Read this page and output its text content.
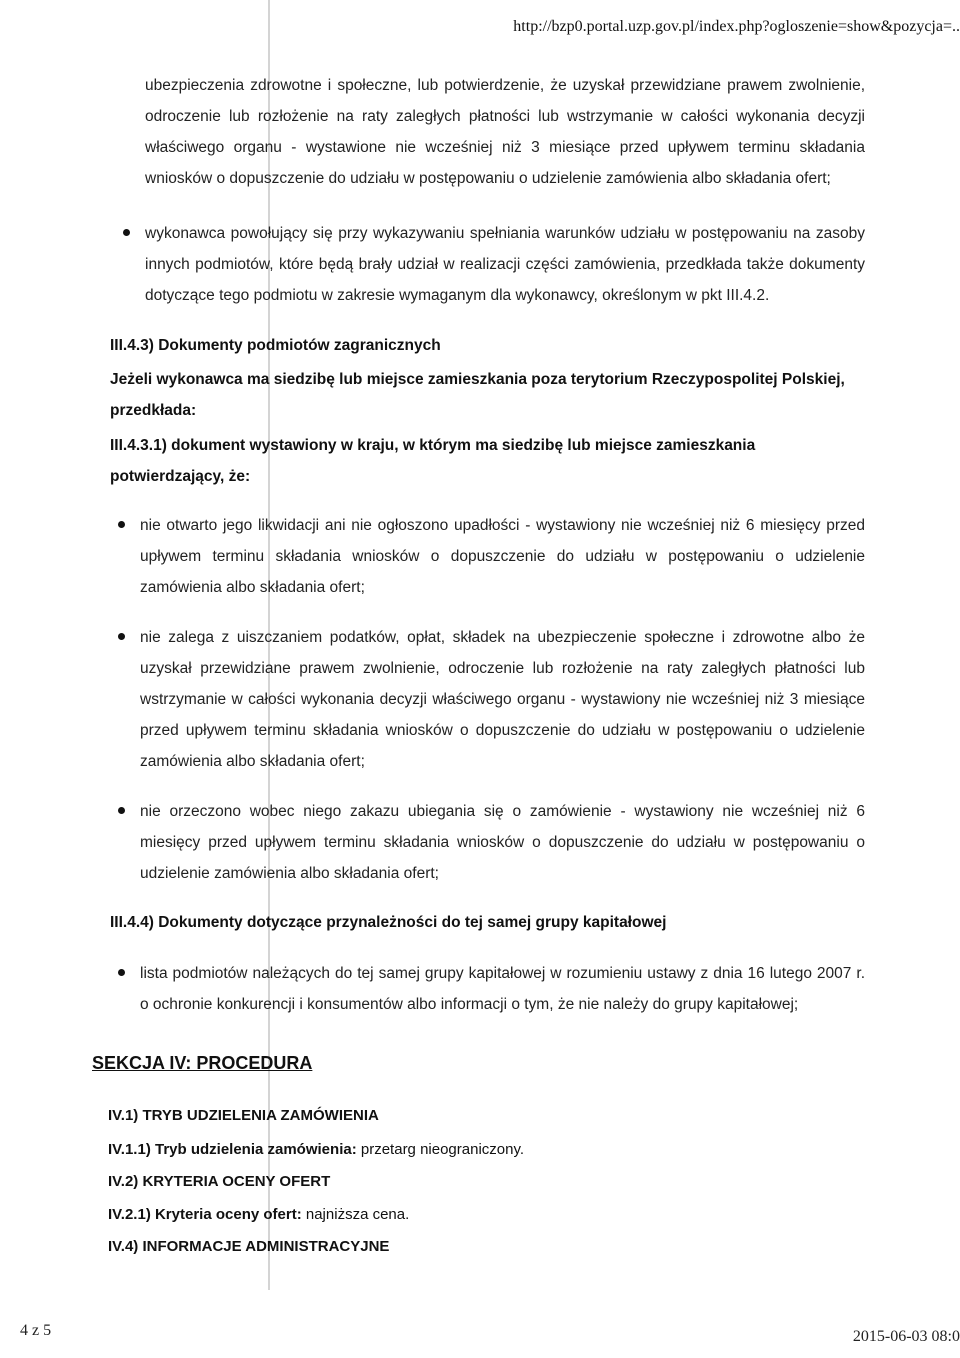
http://bzp0.portal.uzp.gov.pl/index.php?ogloszenie=show&pozycja=..
ubezpieczenia zdrowotne i społeczne, lub potwierdzenie, że uzyskał przewidziane prawem zwolnienie, odroczenie lub rozłożenie na raty zaległych płatności lub wstrzymanie w całości wykonania decyzji właściwego organu - wystawione nie wcześniej niż 3 miesiące przed upływem terminu składania wniosków o dopuszczenie do udziału w postępowaniu o udzielenie zamówienia albo składania ofert;
wykonawca powołujący się przy wykazywaniu spełniania warunków udziału w postępowaniu na zasoby innych podmiotów, które będą brały udział w realizacji części zamówienia, przedkłada także dokumenty dotyczące tego podmiotu w zakresie wymaganym dla wykonawcy, określonym w pkt III.4.2.
III.4.3) Dokumenty podmiotów zagranicznych
Jeżeli wykonawca ma siedzibę lub miejsce zamieszkania poza terytorium Rzeczypospolitej Polskiej, przedkłada:
III.4.3.1) dokument wystawiony w kraju, w którym ma siedzibę lub miejsce zamieszkania potwierdzający, że:
nie otwarto jego likwidacji ani nie ogłoszono upadłości - wystawiony nie wcześniej niż 6 miesięcy przed upływem terminu składania wniosków o dopuszczenie do udziału w postępowaniu o udzielenie zamówienia albo składania ofert;
nie zalega z uiszczaniem podatków, opłat, składek na ubezpieczenie społeczne i zdrowotne albo że uzyskał przewidziane prawem zwolnienie, odroczenie lub rozłożenie na raty zaległych płatności lub wstrzymanie w całości wykonania decyzji właściwego organu - wystawiony nie wcześniej niż 3 miesiące przed upływem terminu składania wniosków o dopuszczenie do udziału w postępowaniu o udzielenie zamówienia albo składania ofert;
nie orzeczono wobec niego zakazu ubiegania się o zamówienie - wystawiony nie wcześniej niż 6 miesięcy przed upływem terminu składania wniosków o dopuszczenie do udziału w postępowaniu o udzielenie zamówienia albo składania ofert;
III.4.4) Dokumenty dotyczące przynależności do tej samej grupy kapitałowej
lista podmiotów należących do tej samej grupy kapitałowej w rozumieniu ustawy z dnia 16 lutego 2007 r. o ochronie konkurencji i konsumentów albo informacji o tym, że nie należy do grupy kapitałowej;
SEKCJA IV: PROCEDURA
IV.1) TRYB UDZIELENIA ZAMÓWIENIA
IV.1.1) Tryb udzielenia zamówienia: przetarg nieograniczony.
IV.2) KRYTERIA OCENY OFERT
IV.2.1) Kryteria oceny ofert: najniższa cena.
IV.4) INFORMACJE ADMINISTRACYJNE
4 z 5	2015-06-03 08:0
